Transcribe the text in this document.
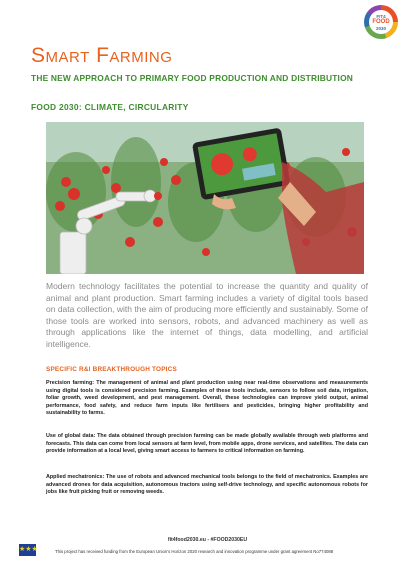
FIT4
FOOD
2030
Smart Farming

THE NEW APPROACH TO PRIMARY FOOD PRODUCTION AND DISTRIBUTION

FOOD 2030: CLIMATE, CIRCULARITY

Modern technology facilitates the potential to increase the quantity and quality of animal and plant production. Smart farming includes a variety of digital tools based on data collection, with the aim of producing more efficiently and sustainably. Some of those tools are worked into sensors, robots, and advanced machinery as well as through applications like the internet of things, data modelling, and artificial intelligence.

SPECIFIC R&I BREAKTHROUGH TOPICS

Precision farming: The management of animal and plant production using near real-time observations and measurements using digital tools is considered precision farming. Examples of these tools include, sensors to follow soil data, irrigation, foliar growth, weed development, and pest management. Overall, these technologies can improve yield output, animal performance, food safety, and reduce farm inputs like fertilisers and pesticides, bringing higher profitability and sustainability to farms.

Use of global data: The data obtained through precision farming can be made globally available through web platforms and forecasts. This data can come from local sensors at farm level, from mobile apps, drone services, and satellites. The data can provide information at a local level, giving smart access to farmers to critical information on farming.

Applied mechatronics: The use of robots and advanced mechanical tools belongs to the field of mechatronics. Examples are advanced drones for data acquisition, autonomous tractors using self-drive technology, and specific autonomous robots for jobs like fruit picking fruit or removing weeds.

fit4food2030.eu - #FOOD2030EU

★★★	This project has received funding from the European Union's Horizon 2020 research and innovation programme under grant agreement No774088
